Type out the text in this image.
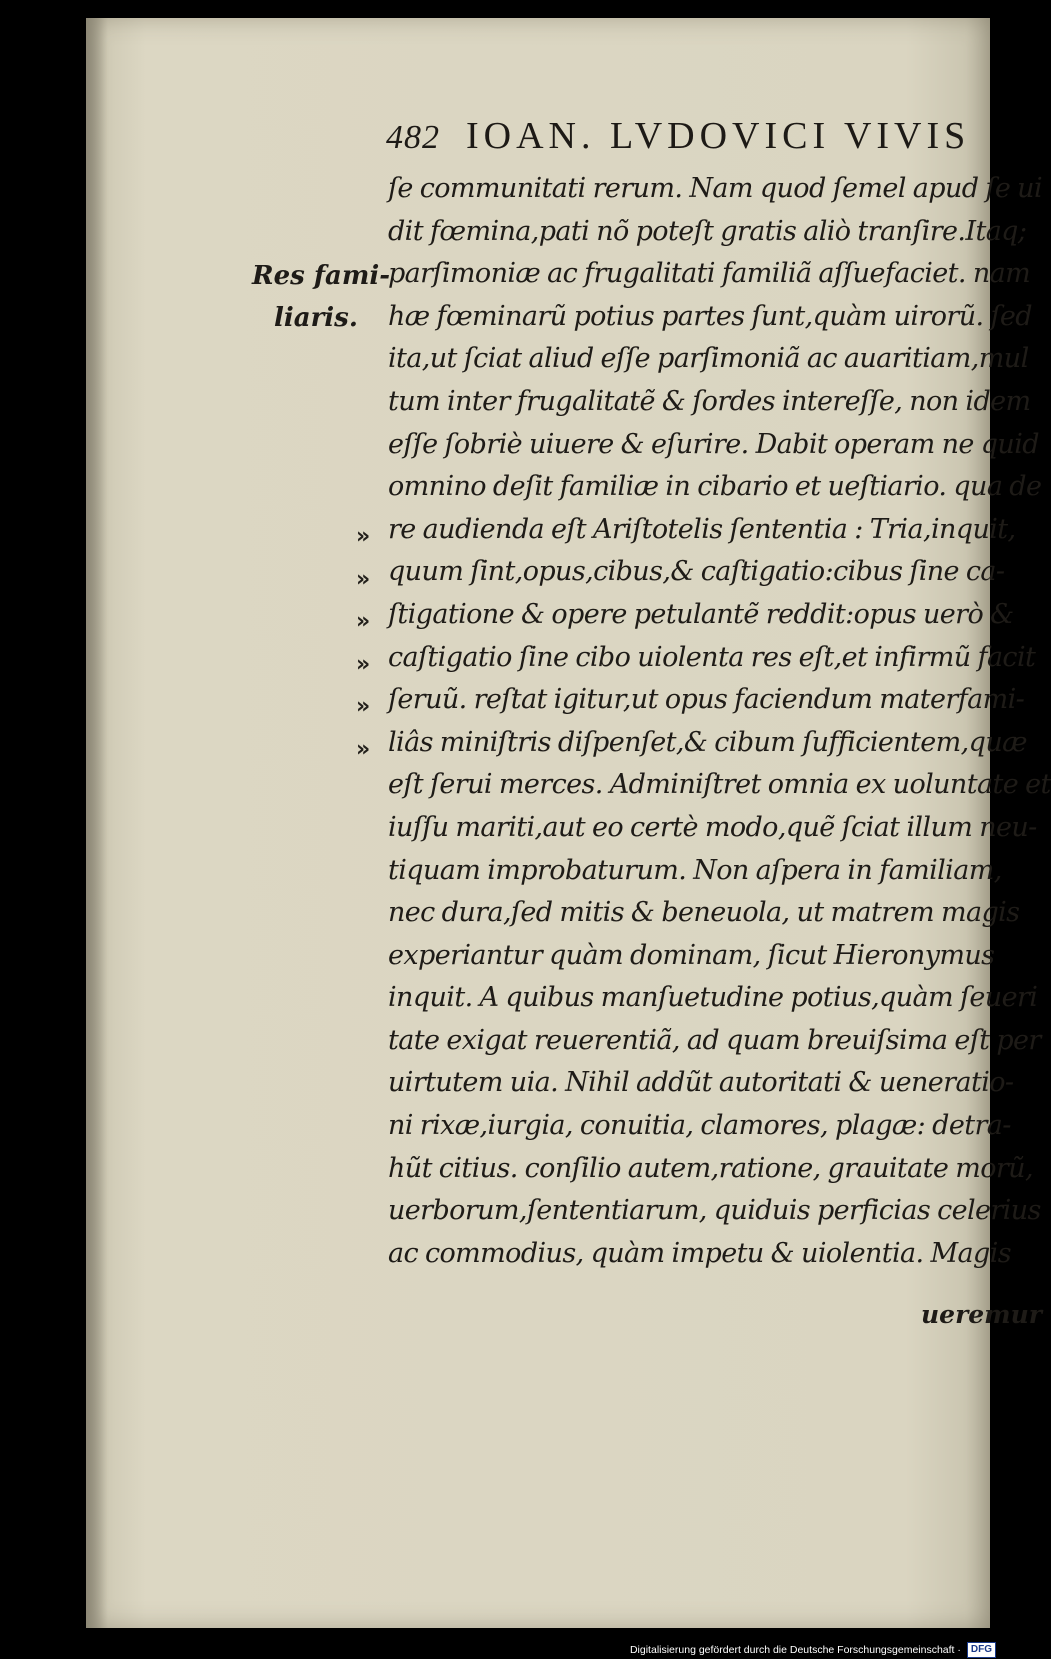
482 IOAN. LVDOVICI VIVIS
Res fami-
liaris.
»
»
»
»
»
»
ſe communitati rerum. Nam quod ſemel apud ſe ui
dit fœmina,pati nõ poteſt gratis aliò tranſire.Itaq;
parſimoniæ ac frugalitati familiã aſſuefaciet. nam
hæ fœminarũ potius partes ſunt,quàm uirorũ. ſed
ita,ut ſciat aliud eſſe parſimoniã ac auaritiam,mul
tum inter frugalitatẽ & ſordes intereſſe, non idem
eſſe ſobriè uiuere & eſurire. Dabit operam ne quid
omnino deſit familiæ in cibario et ueſtiario. qua de
re audienda eſt Ariſtotelis ſententia : Tria,inquit,
quum ſint,opus,cibus,& caſtigatio:cibus ſine ca-
ſtigatione & opere petulantẽ reddit:opus uerò &
caſtigatio ſine cibo uiolenta res eſt,et infirmũ facit
ſeruũ. reſtat igitur,ut opus faciendum materfami-
liâs miniſtris diſpenſet,& cibum ſufficientem,quæ
eſt ſerui merces. Adminiſtret omnia ex uoluntate et
iuſſu mariti,aut eo certè modo,quẽ ſciat illum neu-
tiquam improbaturum. Non aſpera in familiam,
nec dura,ſed mitis & beneuola, ut matrem magis
experiantur quàm dominam, ſicut Hieronymus
inquit. A quibus manſuetudine potius,quàm ſeueri
tate exigat reuerentiã, ad quam breuiſsima eſt per
uirtutem uia. Nihil addũt autoritati & ueneratio-
ni rixæ,iurgia, conuitia, clamores, plagæ: detra-
hũt citius. conſilio autem,ratione, grauitate morũ,
uerborum,ſententiarum, quiduis perficias celerius
ac commodius, quàm impetu & uiolentia. Magis
ueremur
Digitalisierung gefördert durch die Deutsche Forschungsgemeinschaft ·	DFG
